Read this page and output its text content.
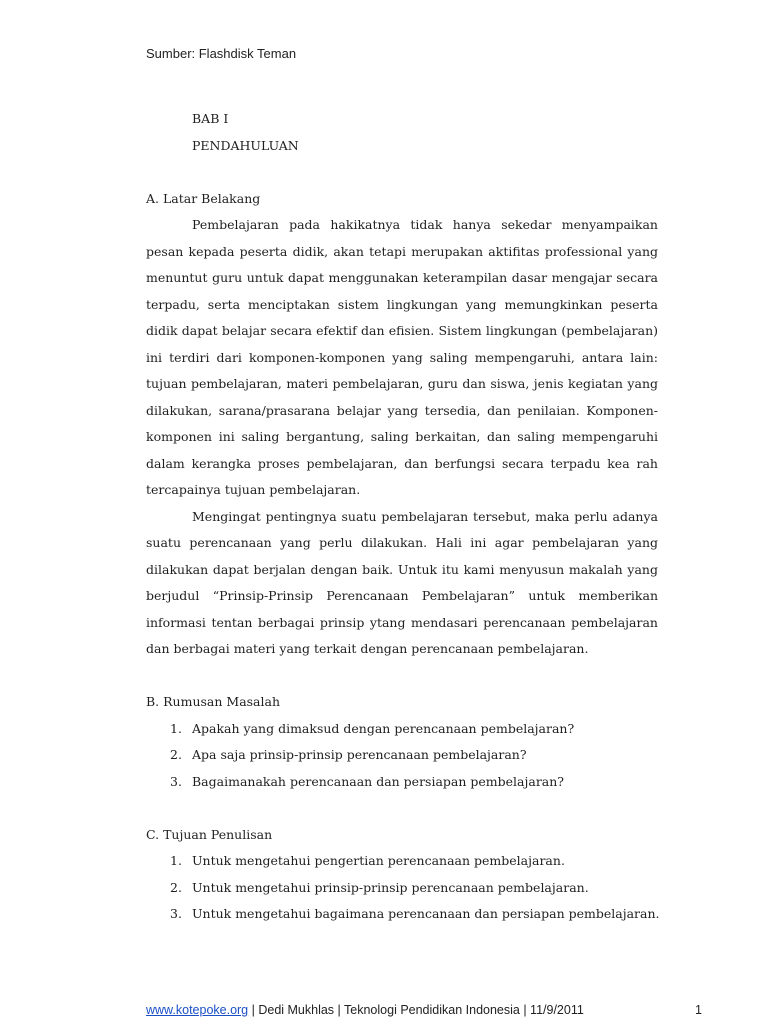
Sumber: Flashdisk Teman
BAB I
PENDAHULUAN
A. Latar Belakang

Pembelajaran pada hakikatnya tidak hanya sekedar menyampaikan pesan kepada peserta didik, akan tetapi merupakan aktifitas professional yang menuntut guru untuk dapat menggunakan keterampilan dasar mengajar secara terpadu, serta menciptakan sistem lingkungan yang memungkinkan peserta didik dapat belajar secara efektif dan efisien. Sistem lingkungan (pembelajaran) ini terdiri dari komponen-komponen yang saling mempengaruhi, antara lain: tujuan pembelajaran, materi pembelajaran, guru dan siswa, jenis kegiatan yang dilakukan, sarana/prasarana belajar yang tersedia, dan penilaian. Komponen-komponen ini saling bergantung, saling berkaitan, dan saling mempengaruhi dalam kerangka proses pembelajaran, dan berfungsi secara terpadu kea rah tercapainya tujuan pembelajaran.

Mengingat pentingnya suatu pembelajaran tersebut, maka perlu adanya suatu perencanaan yang perlu dilakukan. Hali ini agar pembelajaran yang dilakukan dapat berjalan dengan baik. Untuk itu kami menyusun makalah yang berjudul “Prinsip-Prinsip Perencanaan Pembelajaran” untuk memberikan informasi tentan berbagai prinsip ytang mendasari perencanaan pembelajaran dan berbagai materi yang terkait dengan perencanaan pembelajaran.

B. Rumusan Masalah
1. Apakah yang dimaksud dengan perencanaan pembelajaran?
2. Apa saja prinsip-prinsip perencanaan pembelajaran?
3. Bagaimanakah perencanaan dan persiapan pembelajaran?
C. Tujuan Penulisan
1. Untuk mengetahui pengertian perencanaan pembelajaran.
2. Untuk mengetahui prinsip-prinsip perencanaan pembelajaran.
3. Untuk mengetahui bagaimana perencanaan dan persiapan pembelajaran.
www.kotepoke.org | Dedi Mukhlas | Teknologi Pendidikan Indonesia | 11/9/2011	1
